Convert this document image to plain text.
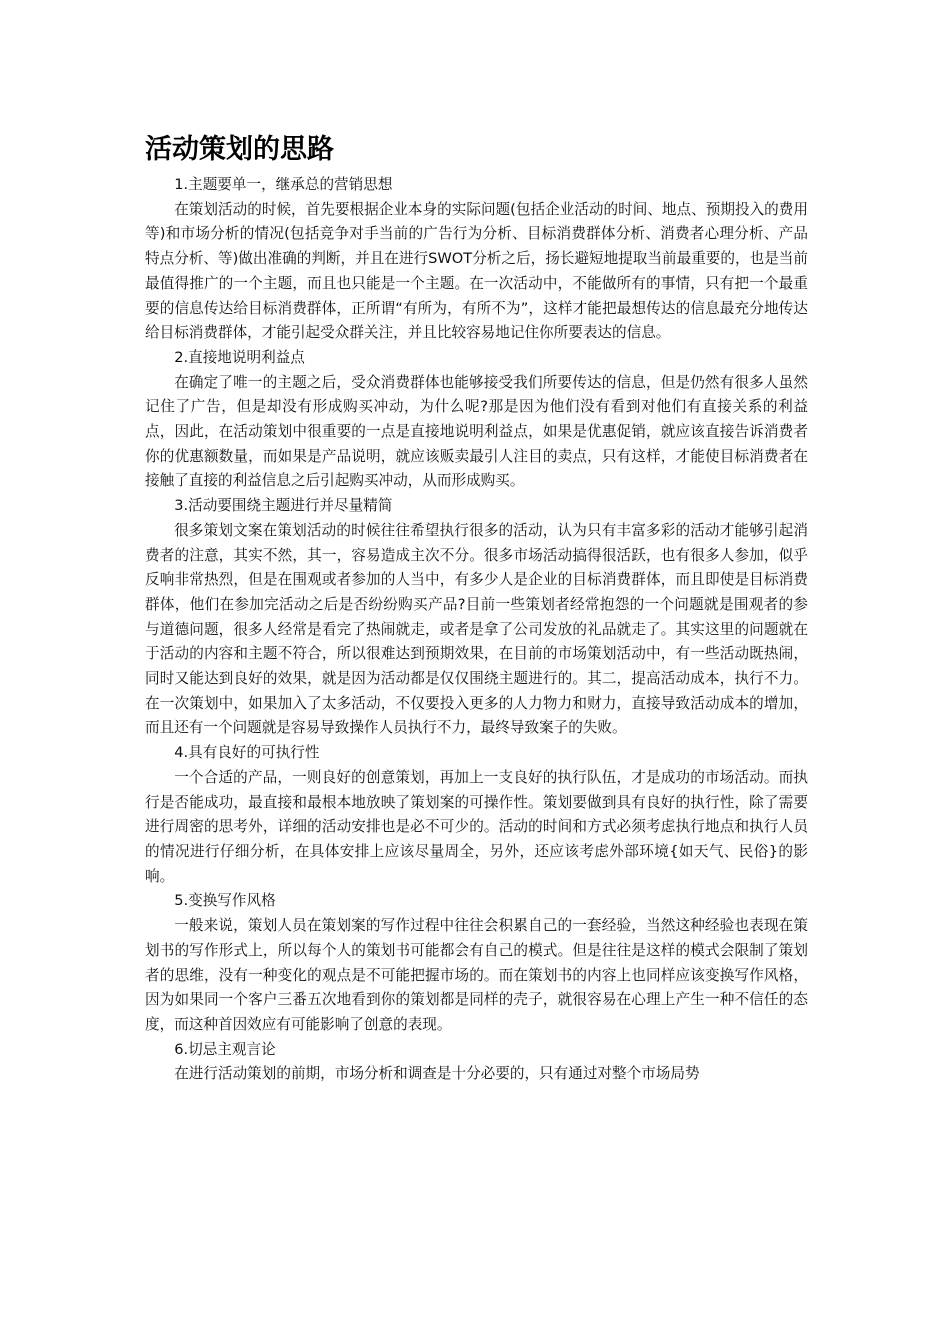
活动策划的思路

1.主题要单一，继承总的营销思想

在策划活动的时候，首先要根据企业本身的实际问题(包括企业活动的时间、地点、预期投入的费用等)和市场分析的情况(包括竞争对手当前的广告行为分析、目标消费群体分析、消费者心理分析、产品特点分析、等)做出准确的判断，并且在进行SWOT分析之后，扬长避短地提取当前最重要的，也是当前最值得推广的一个主题，而且也只能是一个主题。在一次活动中，不能做所有的事情，只有把一个最重要的信息传达给目标消费群体，正所谓“有所为，有所不为”，这样才能把最想传达的信息最充分地传达给目标消费群体，才能引起受众群关注，并且比较容易地记住你所要表达的信息。

2.直接地说明利益点

在确定了唯一的主题之后，受众消费群体也能够接受我们所要传达的信息，但是仍然有很多人虽然记住了广告，但是却没有形成购买冲动，为什么呢?那是因为他们没有看到对他们有直接关系的利益点，因此，在活动策划中很重要的一点是直接地说明利益点，如果是优惠促销，就应该直接告诉消费者你的优惠额数量，而如果是产品说明，就应该贩卖最引人注目的卖点，只有这样，才能使目标消费者在接触了直接的利益信息之后引起购买冲动，从而形成购买。

3.活动要围绕主题进行并尽量精简

很多策划文案在策划活动的时候往往希望执行很多的活动，认为只有丰富多彩的活动才能够引起消费者的注意，其实不然，其一，容易造成主次不分。很多市场活动搞得很活跃，也有很多人参加，似乎反响非常热烈，但是在围观或者参加的人当中，有多少人是企业的目标消费群体，而且即使是目标消费群体，他们在参加完活动之后是否纷纷购买产品?目前一些策划者经常抱怨的一个问题就是围观者的参与道德问题，很多人经常是看完了热闹就走，或者是拿了公司发放的礼品就走了。其实这里的问题就在于活动的内容和主题不符合，所以很难达到预期效果，在目前的市场策划活动中，有一些活动既热闹，同时又能达到良好的效果，就是因为活动都是仅仅围绕主题进行的。其二，提高活动成本，执行不力。在一次策划中，如果加入了太多活动，不仅要投入更多的人力物力和财力，直接导致活动成本的增加，而且还有一个问题就是容易导致操作人员执行不力，最终导致案子的失败。

4.具有良好的可执行性

一个合适的产品，一则良好的创意策划，再加上一支良好的执行队伍，才是成功的市场活动。而执行是否能成功，最直接和最根本地放映了策划案的可操作性。策划要做到具有良好的执行性，除了需要进行周密的思考外，详细的活动安排也是必不可少的。活动的时间和方式必须考虑执行地点和执行人员的情况进行仔细分析，在具体安排上应该尽量周全，另外，还应该考虑外部环境{如天气、民俗}的影响。

5.变换写作风格

一般来说，策划人员在策划案的写作过程中往往会积累自己的一套经验，当然这种经验也表现在策划书的写作形式上，所以每个人的策划书可能都会有自己的模式。但是往往是这样的模式会限制了策划者的思维，没有一种变化的观点是不可能把握市场的。而在策划书的内容上也同样应该变换写作风格，因为如果同一个客户三番五次地看到你的策划都是同样的壳子，就很容易在心理上产生一种不信任的态度，而这种首因效应有可能影响了创意的表现。

6.切忌主观言论

在进行活动策划的前期，市场分析和调查是十分必要的，只有通过对整个市场局势
